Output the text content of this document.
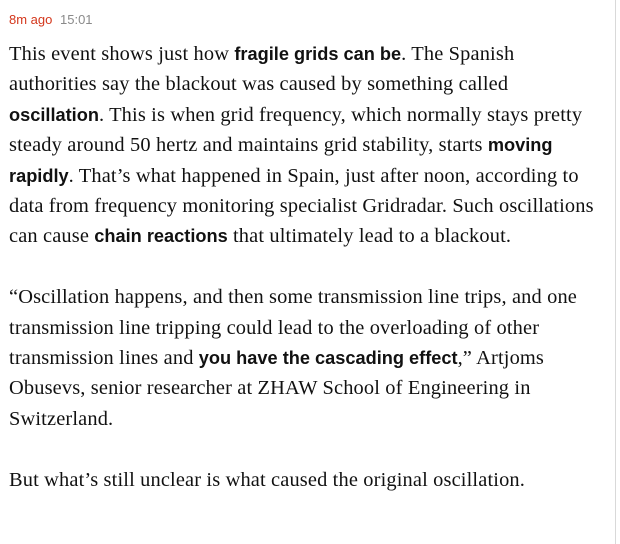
8m ago 15:01

This event shows just how fragile grids can be. The Spanish authorities say the blackout was caused by something called oscillation. This is when grid frequency, which normally stays pretty steady around 50 hertz and maintains grid stability, starts moving rapidly. That’s what happened in Spain, just after noon, according to data from frequency monitoring specialist Gridradar. Such oscillations can cause chain reactions that ultimately lead to a blackout.

“Oscillation happens, and then some transmission line trips, and one transmission line tripping could lead to the overloading of other transmission lines and you have the cascading effect,” Artjoms Obusevs, senior researcher at ZHAW School of Engineering in Switzerland.

But what’s still unclear is what caused the original oscillation.
